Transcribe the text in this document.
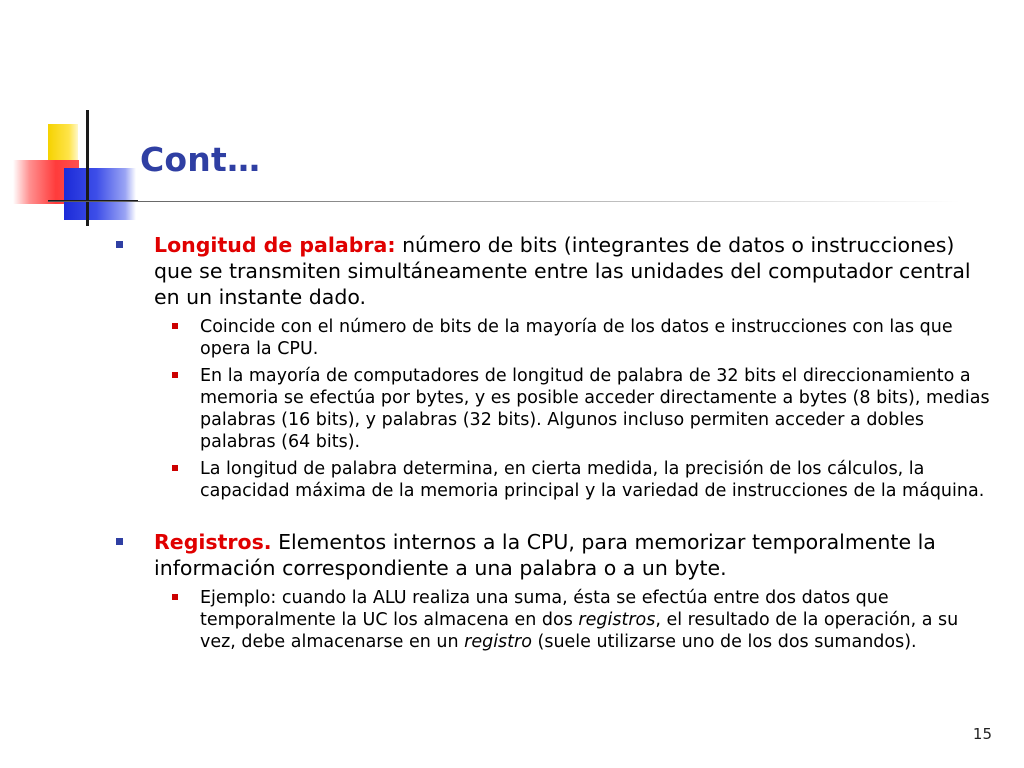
Cont…
Longitud de palabra: número de bits (integrantes de datos o instrucciones) que se transmiten simultáneamente entre las unidades del computador central en un instante dado.
Coincide con el número de bits de la mayoría de los datos e instrucciones con las que opera la CPU.
En la mayoría de computadores de longitud de palabra de 32 bits el direccionamiento a memoria se efectúa por bytes, y es posible acceder directamente a bytes (8 bits), medias palabras (16 bits), y palabras (32 bits). Algunos incluso permiten acceder a dobles palabras (64 bits).
La longitud de palabra determina, en cierta medida, la precisión de los cálculos, la capacidad máxima de la memoria principal y la variedad de instrucciones de la máquina.
Registros. Elementos internos a la CPU, para memorizar temporalmente la información correspondiente a una palabra o a un byte.
Ejemplo: cuando la ALU realiza una suma, ésta se efectúa entre dos datos que temporalmente la UC los almacena en dos registros, el resultado de la operación, a su vez, debe almacenarse en un registro (suele utilizarse uno de los dos sumandos).
15
